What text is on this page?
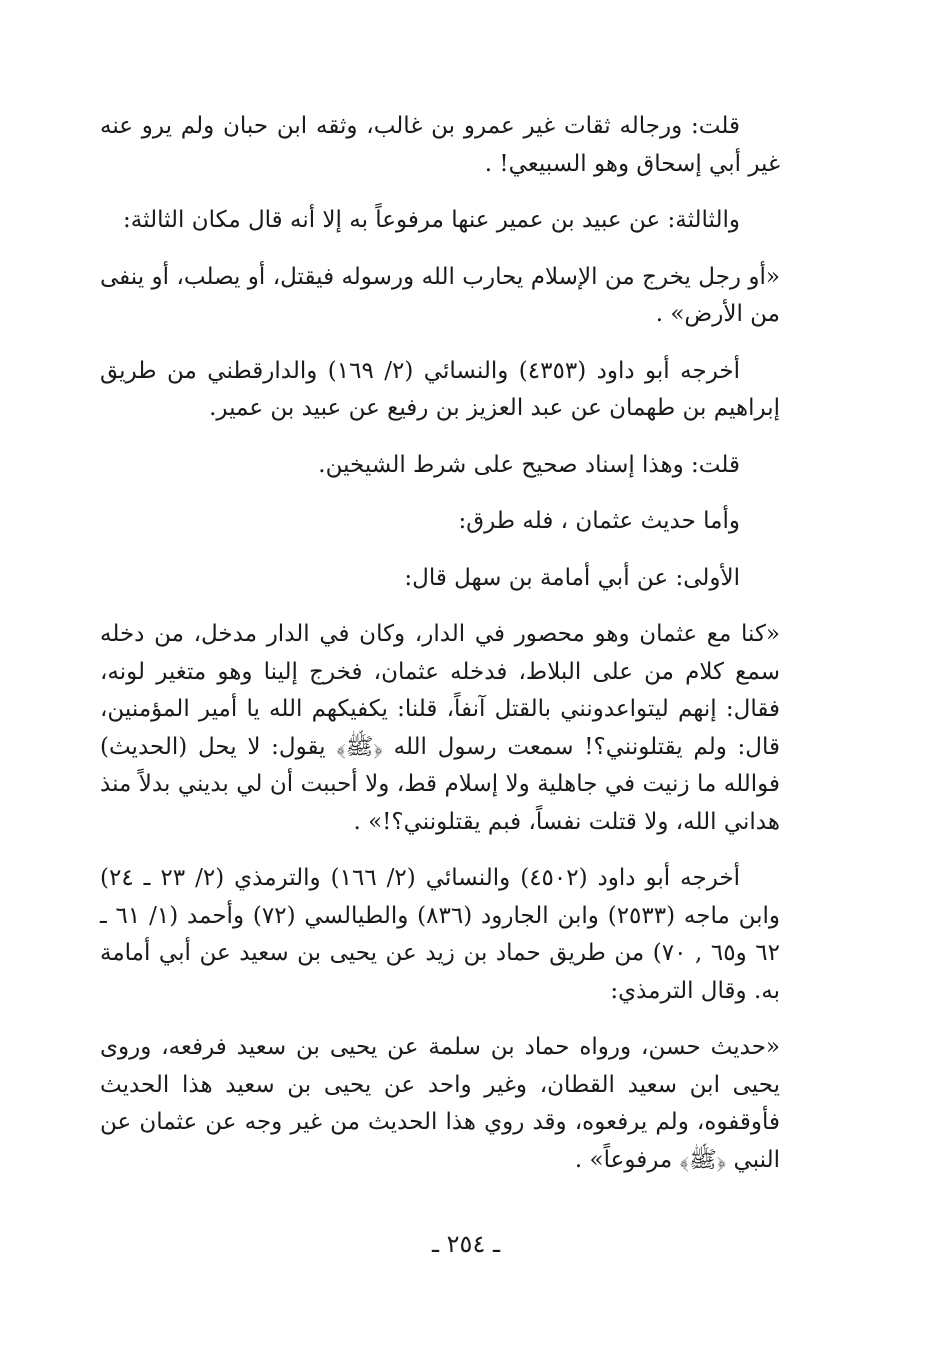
قلت: ورجاله ثقات غير عمرو بن غالب، وثقه ابن حبان ولم يرو عنه غير أبي إسحاق وهو السبيعي! .

والثالثة: عن عبيد بن عمير عنها مرفوعاً به إلا أنه قال مكان الثالثة:

«أو رجل يخرج من الإسلام يحارب الله ورسوله فيقتل، أو يصلب، أو ينفى من الأرض» .

أخرجه أبو داود (٤٣٥٣) والنسائي (٢/ ١٦٩) والدارقطني من طريق إبراهيم بن طهمان عن عبد العزيز بن رفيع عن عبيد بن عمير.

قلت: وهذا إسناد صحيح على شرط الشيخين.

وأما حديث عثمان ، فله طرق:

الأولى: عن أبي أمامة بن سهل قال:

«كنا مع عثمان وهو محصور في الدار، وكان في الدار مدخل، من دخله سمع كلام من على البلاط، فدخله عثمان، فخرج إلينا وهو متغير لونه، فقال: إنهم ليتواعدونني بالقتل آنفاً، قلنا: يكفيكهم الله يا أمير المؤمنين، قال: ولم يقتلونني؟! سمعت رسول الله ﴿ﷺ﴾ يقول: لا يحل (الحديث) فوالله ما زنيت في جاهلية ولا إسلام قط، ولا أحببت أن لي بديني بدلاً منذ هداني الله، ولا قتلت نفساً، فبم يقتلونني؟!» .

أخرجه أبو داود (٤٥٠٢) والنسائي (٢/ ١٦٦) والترمذي (٢/ ٢٣ ـ ٢٤) وابن ماجه (٢٥٣٣) وابن الجارود (٨٣٦) والطيالسي (٧٢) وأحمد (١/ ٦١ ـ ٦٢ و٦٥ , ٧٠) من طريق حماد بن زيد عن يحيى بن سعيد عن أبي أمامة به. وقال الترمذي:

«حديث حسن، ورواه حماد بن سلمة عن يحيى بن سعيد فرفعه، وروى يحيى ابن سعيد القطان، وغير واحد عن يحيى بن سعيد هذا الحديث فأوقفوه، ولم يرفعوه، وقد روي هذا الحديث من غير وجه عن عثمان عن النبي ﴿ﷺ﴾ مرفوعاً» .

ـ ٢٥٤ ـ
